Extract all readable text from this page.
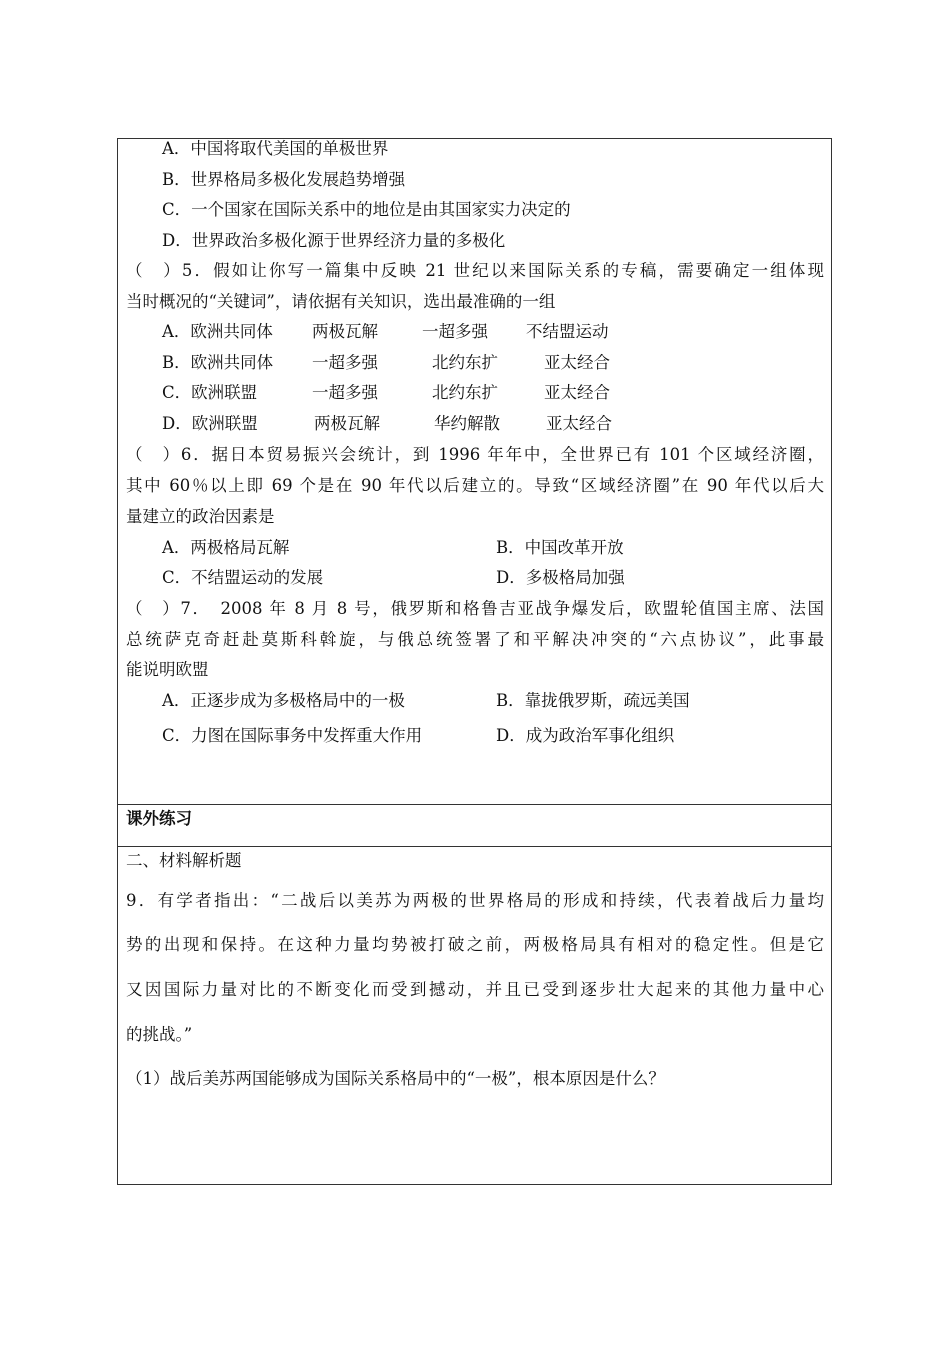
A．中国将取代美国的单极世界
B．世界格局多极化发展趋势增强
C．一个国家在国际关系中的地位是由其国家实力决定的
D．世界政治多极化源于世界经济力量的多极化
（　）5．假如让你写一篇集中反映 21 世纪以来国际关系的专稿，需要确定一组体现
当时概况的“关键词”，请依据有关知识，选出最准确的一组
A．欧洲共同体 两极瓦解	一超多强 不结盟运动
B．欧洲共同体 一超多强	北约东扩	亚太经合
C．欧洲联盟	一超多强	北约东扩	亚太经合
D．欧洲联盟	两极瓦解	华约解散	亚太经合
（　）6．据日本贸易振兴会统计，到 1996 年年中，全世界已有 101 个区域经济圈，
其中 60％以上即 69 个是在 90 年代以后建立的。导致“区域经济圈”在 90 年代以后大
量建立的政治因素是
A．两极格局瓦解	B．中国改革开放
C．不结盟运动的发展	D．多极格局加强
（　）7．　2008 年 8 月 8 号，俄罗斯和格鲁吉亚战争爆发后，欧盟轮值国主席、法国
总统萨克奇赶赴莫斯科斡旋，与俄总统签署了和平解决冲突的“六点协议”，此事最
能说明欧盟
A．正逐步成为多极格局中的一极	B．靠拢俄罗斯，疏远美国
C．力图在国际事务中发挥重大作用	D．成为政治军事化组织
课外练习
二、材料解析题
9．有学者指出：“二战后以美苏为两极的世界格局的形成和持续，代表着战后力量均
势的出现和保持。在这种力量均势被打破之前，两极格局具有相对的稳定性。但是它
又因国际力量对比的不断变化而受到撼动，并且已受到逐步壮大起来的其他力量中心
的挑战。”
（1）战后美苏两国能够成为国际关系格局中的“一极”，根本原因是什么？
